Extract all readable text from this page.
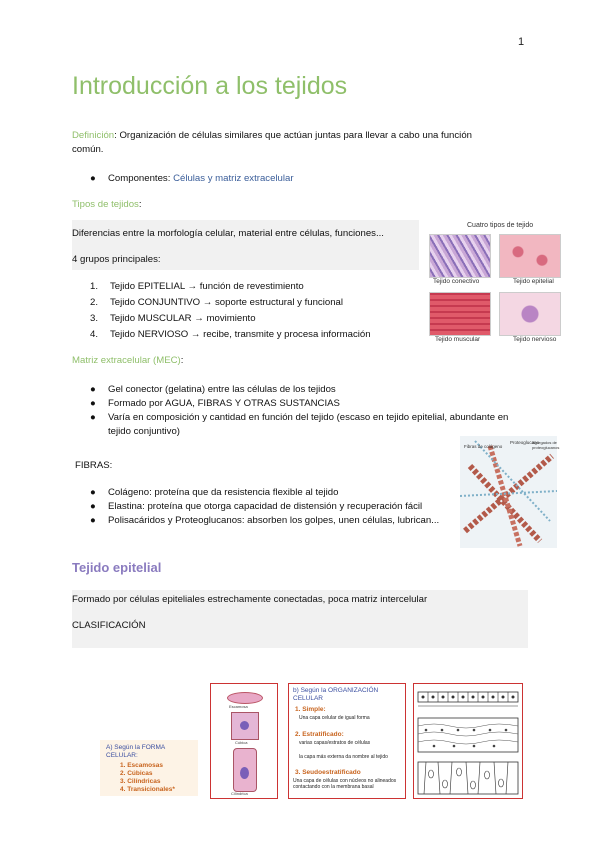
1
Introducción a los tejidos
Definición: Organización de células similares que actúan juntas para llevar a cabo una función común.
● Componentes: Células y matriz extracelular
Tipos de tejidos:
Diferencias entre la morfología celular, material entre células, funciones...
4 grupos principales:
1. Tejido EPITELIAL → función de revestimiento
2. Tejido CONJUNTIVO → soporte estructural y funcional
3. Tejido MUSCULAR → movimiento
4. Tejido NERVIOSO → recibe, transmite y procesa información
Cuatro tipos de tejido
Tejido conectivo	Tejido epitelial
Tejido muscular	Tejido nervioso
Matriz extracelular (MEC):
●	Gel conector (gelatina) entre las células de los tejidos
●	Formado por AGUA, FIBRAS Y OTRAS SUSTANCIAS
●	Varía en composición y cantidad en función del tejido (escaso en tejido epitelial, abundante en tejido conjuntivo)
FIBRAS:
●	Colágeno: proteína que da resistencia flexible al tejido
●	Elastina: proteína que otorga capacidad de distensión y recuperación fácil
●	Polisacáridos y Proteoglucanos: absorben los golpes, unen células, lubrican...
Fibras de colágeno
Proteoglucano
Agregados de proteoglucanos
Tejido epitelial
Formado por células epiteliales estrechamente conectadas, poca matriz intercelular
CLASIFICACIÓN
A) Según la FORMA CELULAR:
1. Escamosas
2. Cúbicas
3. Cilíndricas
4. Transicionales*
Escamosa
Cúbica
Cilíndrica
b) Según la ORGANIZACIÓN CELULAR
1. Simple:
Una capa celular de igual forma
2. Estratificado:
varias capas/estratos de células
la capa más externa da nombre al tejido
3. Seudoestratificado
Una capa de células con núcleos no alineados contactando con la membrana basal
